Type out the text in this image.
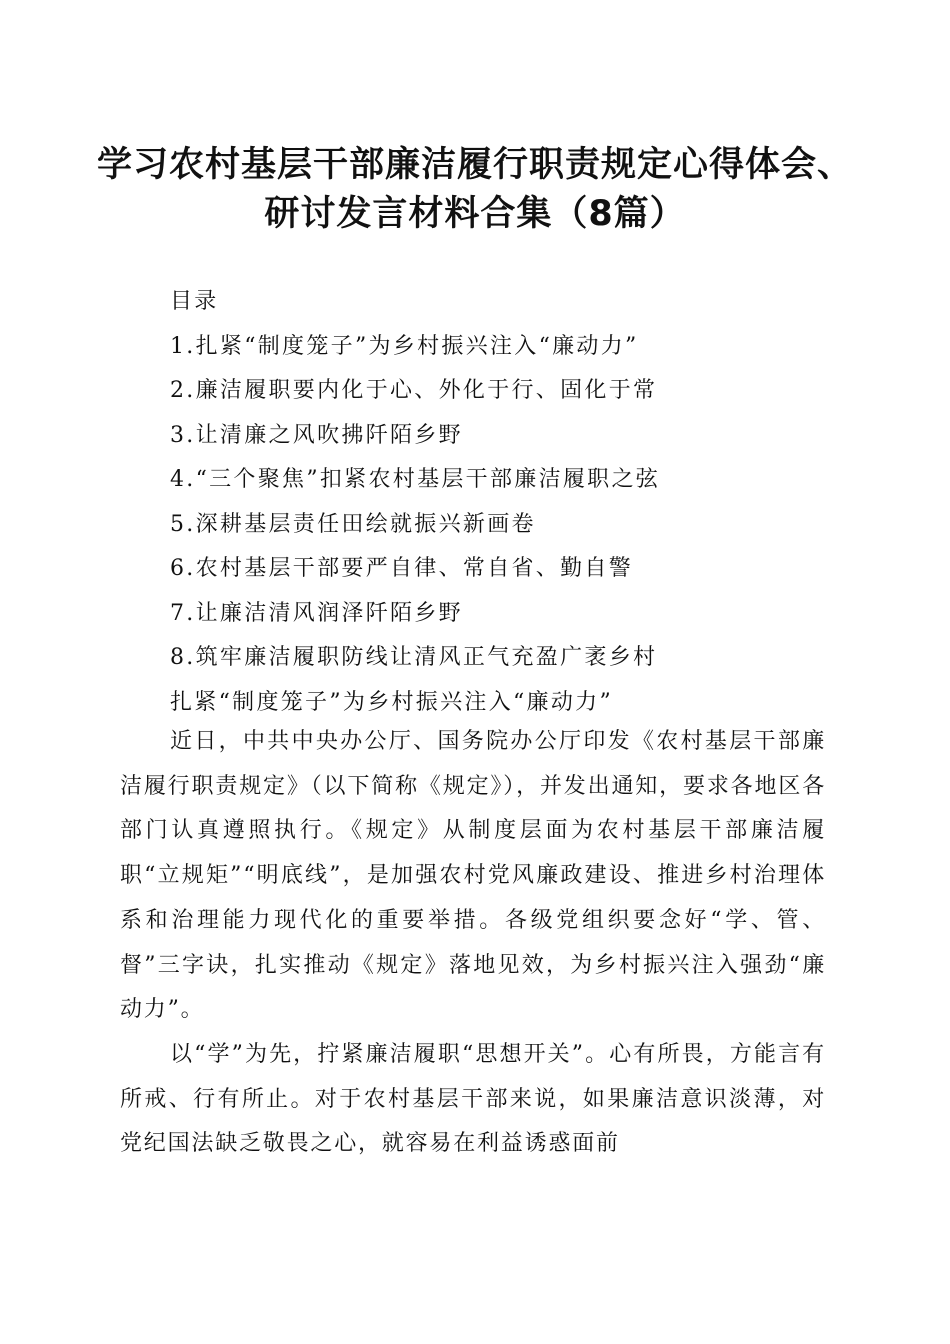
学习农村基层干部廉洁履行职责规定心得体会、
研讨发言材料合集（8篇）
目录
1.扎紧“制度笼子”为乡村振兴注入“廉动力”
2.廉洁履职要内化于心、外化于行、固化于常
3.让清廉之风吹拂阡陌乡野
4.“三个聚焦”扣紧农村基层干部廉洁履职之弦
5.深耕基层责任田绘就振兴新画卷
6.农村基层干部要严自律、常自省、勤自警
7.让廉洁清风润泽阡陌乡野
8.筑牢廉洁履职防线让清风正气充盈广袤乡村
扎紧“制度笼子”为乡村振兴注入“廉动力”

近日，中共中央办公厅、国务院办公厅印发《农村基层干部廉洁履行职责规定》（以下简称《规定》），并发出通知，要求各地区各部门认真遵照执行。《规定》从制度层面为农村基层干部廉洁履职“立规矩”“明底线”，是加强农村党风廉政建设、推进乡村治理体系和治理能力现代化的重要举措。各级党组织要念好“学、管、督”三字诀，扎实推动《规定》落地见效，为乡村振兴注入强劲“廉动力”。

以“学”为先，拧紧廉洁履职“思想开关”。心有所畏，方能言有所戒、行有所止。对于农村基层干部来说，如果廉洁意识淡薄，对党纪国法缺乏敬畏之心，就容易在利益诱惑面前
